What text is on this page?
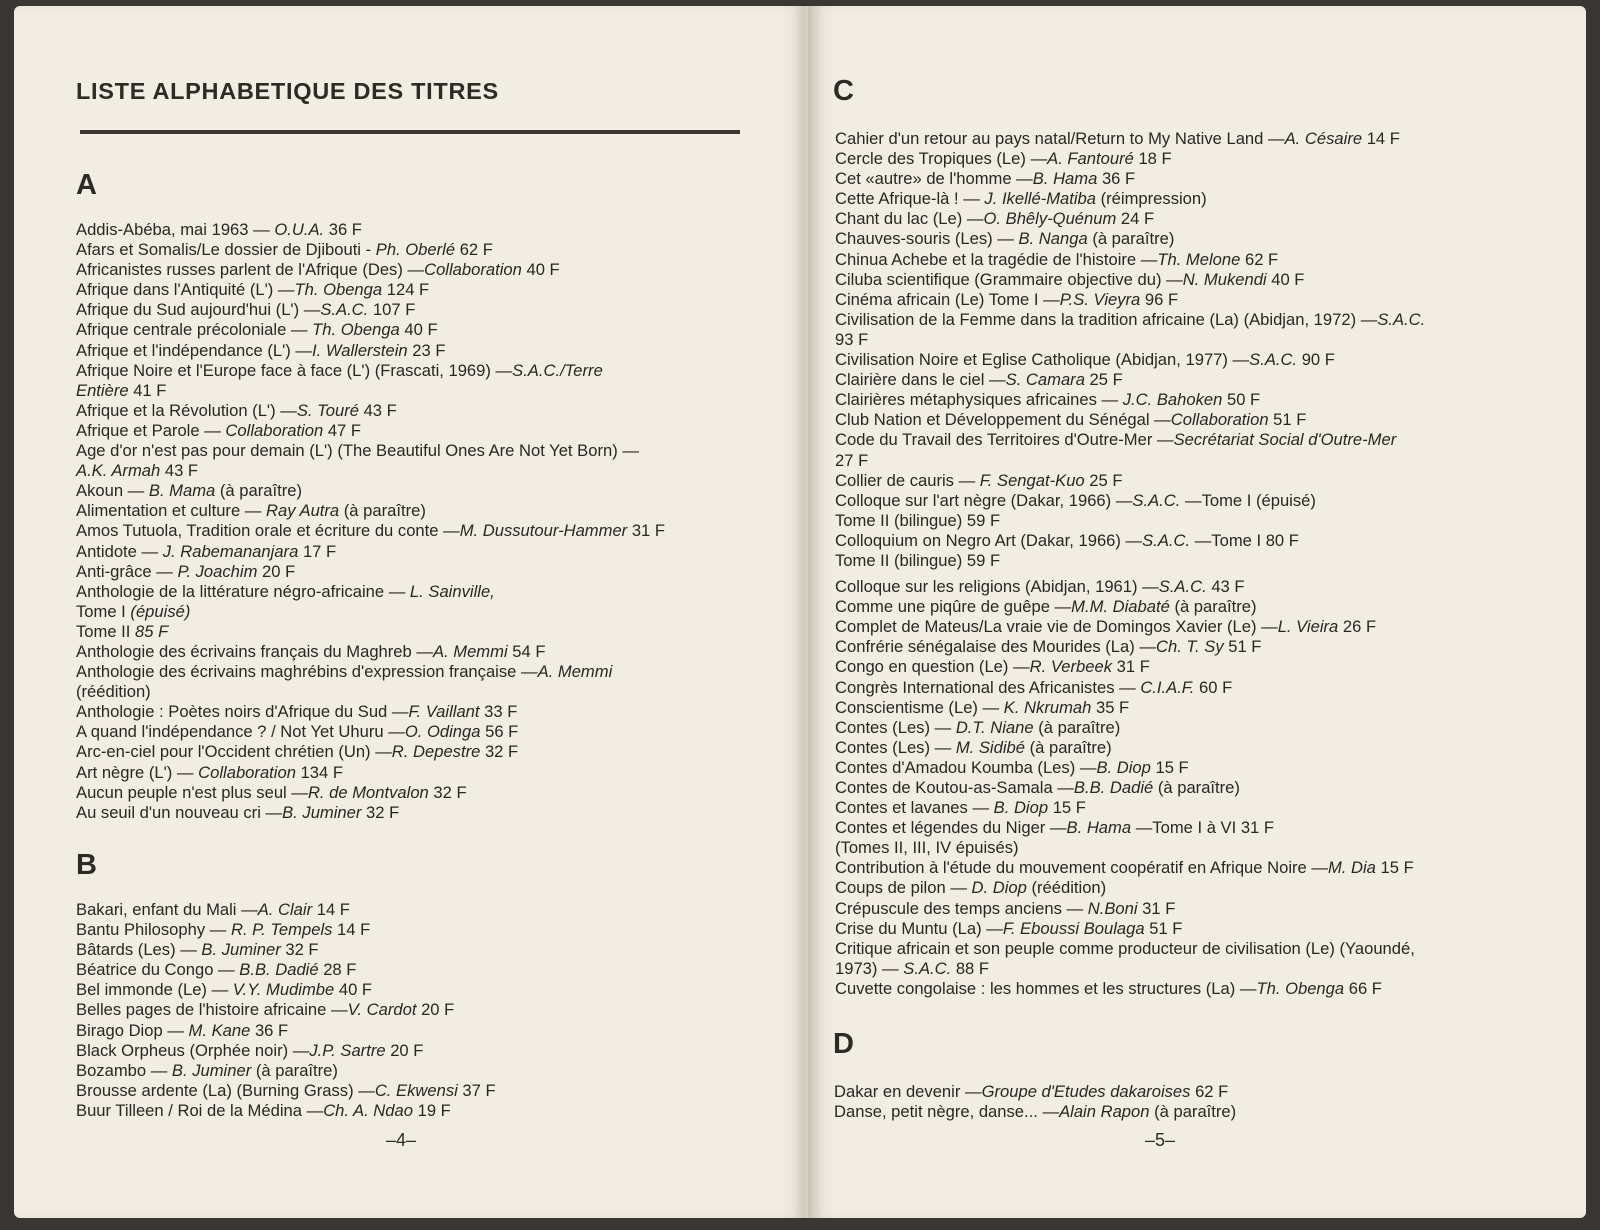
LISTE ALPHABETIQUE DES TITRES
A
Addis-Abéba, mai 1963 — O.U.A. 36 F
Afars et Somalis/Le dossier de Djibouti - Ph. Oberlé 62 F
Africanistes russes parlent de l'Afrique (Des) —Collaboration 40 F
Afrique dans l'Antiquité (L') —Th. Obenga 124 F
Afrique du Sud aujourd'hui (L') —S.A.C. 107 F
Afrique centrale précoloniale — Th. Obenga 40 F
Afrique et l'indépendance (L') —I. Wallerstein 23 F
Afrique Noire et l'Europe face à face (L') (Frascati, 1969) —S.A.C./Terre
Entière 41 F
Afrique et la Révolution (L') —S. Touré 43 F
Afrique et Parole — Collaboration 47 F
Age d'or n'est pas pour demain (L') (The Beautiful Ones Are Not Yet Born) —
A.K. Armah 43 F
Akoun — B. Mama (à paraître)
Alimentation et culture — Ray Autra (à paraître)
Amos Tutuola, Tradition orale et écriture du conte —M. Dussutour-Hammer 31 F
Antidote — J. Rabemananjara 17 F
Anti-grâce — P. Joachim 20 F
Anthologie de la littérature négro-africaine — L. Sainville,
Tome I (épuisé)
Tome II 85 F
Anthologie des écrivains français du Maghreb —A. Memmi 54 F
Anthologie des écrivains maghrébins d'expression française —A. Memmi
(réédition)
Anthologie : Poètes noirs d'Afrique du Sud —F. Vaillant 33 F
A quand l'indépendance ? / Not Yet Uhuru —O. Odinga 56 F
Arc-en-ciel pour l'Occident chrétien (Un) —R. Depestre 32 F
Art nègre (L') — Collaboration 134 F
Aucun peuple n'est plus seul —R. de Montvalon 32 F
Au seuil d'un nouveau cri —B. Juminer 32 F
B
Bakari, enfant du Mali —A. Clair 14 F
Bantu Philosophy — R. P. Tempels 14 F
Bâtards (Les) — B. Juminer 32 F
Béatrice du Congo — B.B. Dadié 28 F
Bel immonde (Le) — V.Y. Mudimbe 40 F
Belles pages de l'histoire africaine —V. Cardot 20 F
Birago Diop — M. Kane 36 F
Black Orpheus (Orphée noir) —J.P. Sartre 20 F
Bozambo — B. Juminer (à paraître)
Brousse ardente (La) (Burning Grass) —C. Ekwensi 37 F
Buur Tilleen / Roi de la Médina —Ch. A. Ndao 19 F
–4–
C
Cahier d'un retour au pays natal/Return to My Native Land —A. Césaire 14 F
Cercle des Tropiques (Le) —A. Fantouré 18 F
Cet «autre» de l'homme —B. Hama 36 F
Cette Afrique-là ! — J. Ikellé-Matiba (réimpression)
Chant du lac (Le) —O. Bhêly-Quénum 24 F
Chauves-souris (Les) — B. Nanga (à paraître)
Chinua Achebe et la tragédie de l'histoire —Th. Melone 62 F
Ciluba scientifique (Grammaire objective du) —N. Mukendi 40 F
Cinéma africain (Le) Tome I —P.S. Vieyra 96 F
Civilisation de la Femme dans la tradition africaine (La) (Abidjan, 1972) —S.A.C.
93 F
Civilisation Noire et Eglise Catholique (Abidjan, 1977) —S.A.C. 90 F
Clairière dans le ciel —S. Camara 25 F
Clairières métaphysiques africaines — J.C. Bahoken 50 F
Club Nation et Développement du Sénégal —Collaboration 51 F
Code du Travail des Territoires d'Outre-Mer —Secrétariat Social d'Outre-Mer
27 F
Collier de cauris — F. Sengat-Kuo 25 F
Colloque sur l'art nègre (Dakar, 1966) —S.A.C. —Tome I (épuisé)
Tome II (bilingue) 59 F
Colloquium on Negro Art (Dakar, 1966) —S.A.C. —Tome I 80 F
Tome II (bilingue) 59 F
Colloque sur les religions (Abidjan, 1961) —S.A.C. 43 F
Comme une piqûre de guêpe —M.M. Diabaté (à paraître)
Complet de Mateus/La vraie vie de Domingos Xavier (Le) —L. Vieira 26 F
Confrérie sénégalaise des Mourides (La) —Ch. T. Sy 51 F
Congo en question (Le) —R. Verbeek 31 F
Congrès International des Africanistes — C.I.A.F. 60 F
Conscientisme (Le) — K. Nkrumah 35 F
Contes (Les) — D.T. Niane (à paraître)
Contes (Les) — M. Sidibé (à paraître)
Contes d'Amadou Koumba (Les) —B. Diop 15 F
Contes de Koutou-as-Samala —B.B. Dadié (à paraître)
Contes et lavanes — B. Diop 15 F
Contes et légendes du Niger —B. Hama —Tome I à VI 31 F
(Tomes II, III, IV épuisés)
Contribution à l'étude du mouvement coopératif en Afrique Noire —M. Dia 15 F
Coups de pilon — D. Diop (réédition)
Crépuscule des temps anciens — N.Boni 31 F
Crise du Muntu (La) —F. Eboussi Boulaga 51 F
Critique africain et son peuple comme producteur de civilisation (Le) (Yaoundé,
1973) — S.A.C. 88 F
Cuvette congolaise : les hommes et les structures (La) —Th. Obenga 66 F
D
Dakar en devenir —Groupe d'Etudes dakaroises 62 F
Danse, petit nègre, danse... —Alain Rapon (à paraître)
–5–
